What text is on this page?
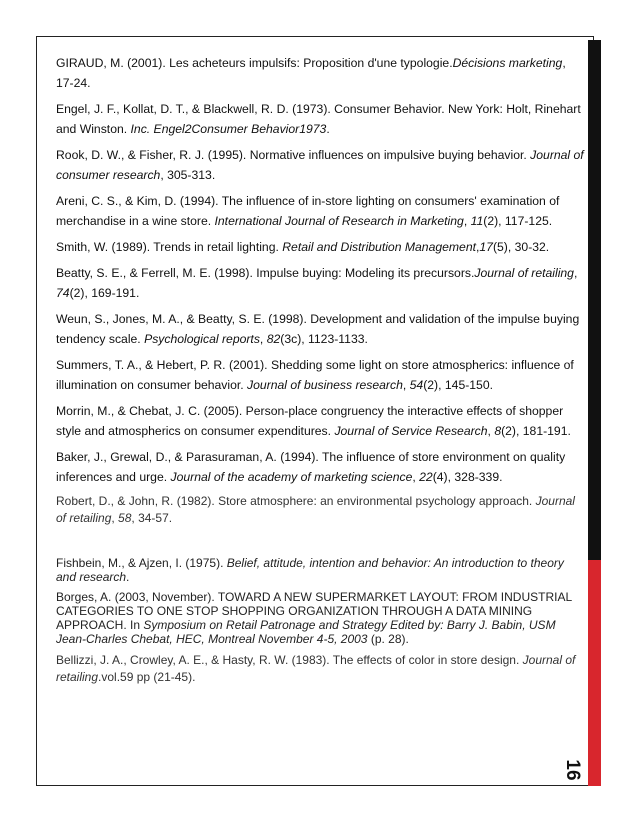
16
GIRAUD, M. (2001). Les acheteurs impulsifs: Proposition d'une typologie.Décisions marketing, 17-24.
Engel, J. F., Kollat, D. T., & Blackwell, R. D. (1973). Consumer Behavior. New York: Holt, Rinehart and Winston. Inc. Engel2Consumer Behavior1973.
Rook, D. W., & Fisher, R. J. (1995). Normative influences on impulsive buying behavior. Journal of consumer research, 305-313.
Areni, C. S., & Kim, D. (1994). The influence of in-store lighting on consumers' examination of merchandise in a wine store. International Journal of Research in Marketing, 11(2), 117-125.
Smith, W. (1989). Trends in retail lighting. Retail and Distribution Management,17(5), 30-32.
Beatty, S. E., & Ferrell, M. E. (1998). Impulse buying: Modeling its precursors.Journal of retailing, 74(2), 169-191.
Weun, S., Jones, M. A., & Beatty, S. E. (1998). Development and validation of the impulse buying tendency scale. Psychological reports, 82(3c), 1123-1133.
Summers, T. A., & Hebert, P. R. (2001). Shedding some light on store atmospherics: influence of illumination on consumer behavior. Journal of business research, 54(2), 145-150.
Morrin, M., & Chebat, J. C. (2005). Person-place congruency the interactive effects of shopper style and atmospherics on consumer expenditures. Journal of Service Research, 8(2), 181-191.
Baker, J., Grewal, D., & Parasuraman, A. (1994). The influence of store environment on quality inferences and urge. Journal of the academy of marketing science, 22(4), 328-339.
Robert, D., & John, R. (1982). Store atmosphere: an environmental psychology approach. Journal of retailing, 58, 34-57.
Fishbein, M., & Ajzen, I. (1975). Belief, attitude, intention and behavior: An introduction to theory and research.
Borges, A. (2003, November). TOWARD A NEW SUPERMARKET LAYOUT: FROM INDUSTRIAL CATEGORIES TO ONE STOP SHOPPING ORGANIZATION THROUGH A DATA MINING APPROACH. In Symposium on Retail Patronage and Strategy Edited by: Barry J. Babin, USM Jean-Charles Chebat, HEC, Montreal November 4-5, 2003 (p. 28).
Bellizzi, J. A., Crowley, A. E., & Hasty, R. W. (1983). The effects of color in store design. Journal of retailing.vol.59 pp (21-45).
